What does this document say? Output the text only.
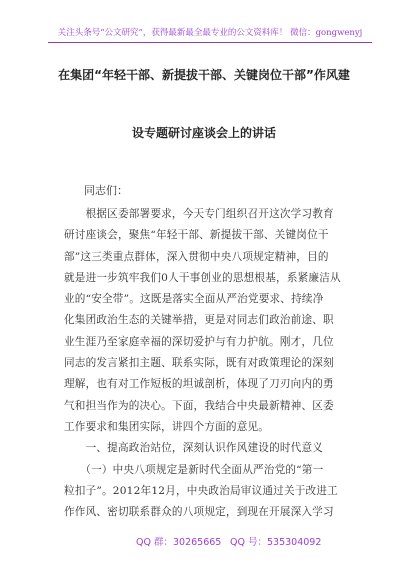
关注头条号“公文研究”，获得最新最全最专业的公文资料库！ 微信：gongwenyj
在集团“年轻干部、新提拔干部、关键岗位干部”作风建
设专题研讨座谈会上的讲话
同志们：
　　根据区委部署要求，今天专门组织召开这次学习教育
研讨座谈会，聚焦“年轻干部、新提拔干部、关键岗位干
部”这三类重点群体，深入贯彻中央八项规定精神，目的
就是进一步筑牢我们0人干事创业的思想根基，系紧廉洁从
业的“安全带”。这既是落实全面从严治党要求、持续净
化集团政治生态的关键举措，更是对同志们政治前途、职
业生涯乃至家庭幸福的深切爱护与有力护航。刚才，几位
同志的发言紧扣主题、联系实际，既有对政策理论的深刻
理解，也有对工作短板的坦诚剖析，体现了刀刃向内的勇
气和担当作为的决心。下面，我结合中央最新精神、区委
工作要求和集团实际，讲四个方面的意见。
　　一、提高政治站位，深刻认识作风建设的时代意义
　　（一）中央八项规定是新时代全面从严治党的“第一
粒扣子”。2012年12月，中央政治局审议通过关于改进工
作作风、密切联系群众的八项规定，到现在开展深入学习
QQ 群：30265665 QQ 号：535304092
